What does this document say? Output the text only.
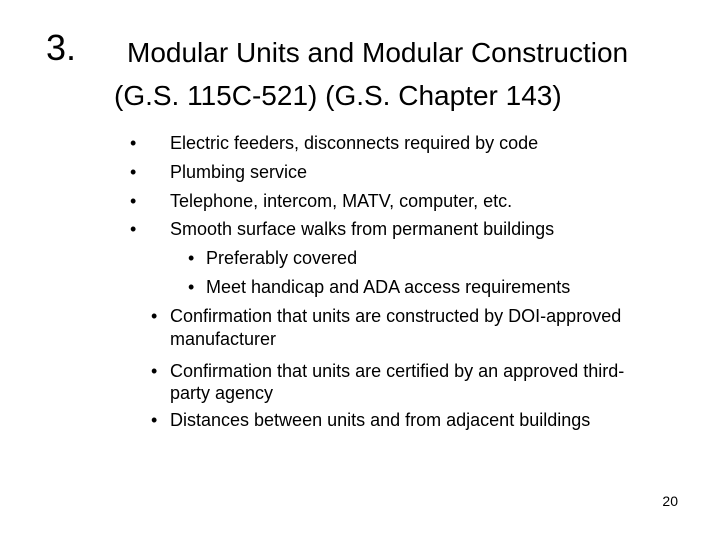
3. Modular Units and Modular Construction
(G.S. 115C-521) (G.S. Chapter 143)
• Electric feeders, disconnects required by code
• Plumbing service
• Telephone, intercom, MATV, computer, etc.
• Smooth surface walks from permanent buildings
• Preferably covered
• Meet handicap and ADA access requirements
• Confirmation that units are constructed by DOI-approved
manufacturer
• Confirmation that units are certified by an approved third-
party agency
• Distances between units and from adjacent buildings
20
